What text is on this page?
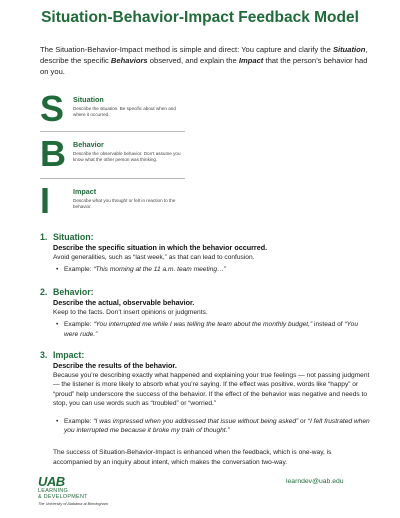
Situation-Behavior-Impact Feedback Model
The Situation-Behavior-Impact method is simple and direct: You capture and clarify the Situation, describe the specific Behaviors observed, and explain the Impact that the person’s behavior had on you.
S	Situation
Describe the situation. Be specific about when and where it occurred.
B Behavior
Describe the observable behavior. Don’t assume you know what the other person was thinking.
I	Impact
Describe what you thought or felt in reaction to the behavior.
1. Situation:
Describe the specific situation in which the behavior occurred.
Avoid generalities, such as “last week,” as that can lead to confusion.
• Example: “This morning at the 11 a.m. team meeting…”
2. Behavior:
Describe the actual, observable behavior.
Keep to the facts. Don’t insert opinions or judgments.
• Example: “You interrupted me while I was telling the team about the monthly budget,” instead of “You were rude.”
3. Impact:
Describe the results of the behavior.
Because you’re describing exactly what happened and explaining your true feelings — not passing judgment — the listener is more likely to absorb what you’re saying. If the effect was positive, words like “happy” or “proud” help underscore the success of the behavior. If the effect of the behavior was negative and needs to stop, you can use words such as “troubled” or “worried.”
• Example: “I was impressed when you addressed that issue without being asked” or “I felt frustrated when you interrupted me because it broke my train of thought.”
The success of Situation-Behavior-Impact is enhanced when the feedback, which is one-way, is accompanied by an inquiry about intent, which makes the conversation two-way.
UAB
LEARNING
& DEVELOPMENT
The University of Alabama at Birmingham
learndev@uab.edu
